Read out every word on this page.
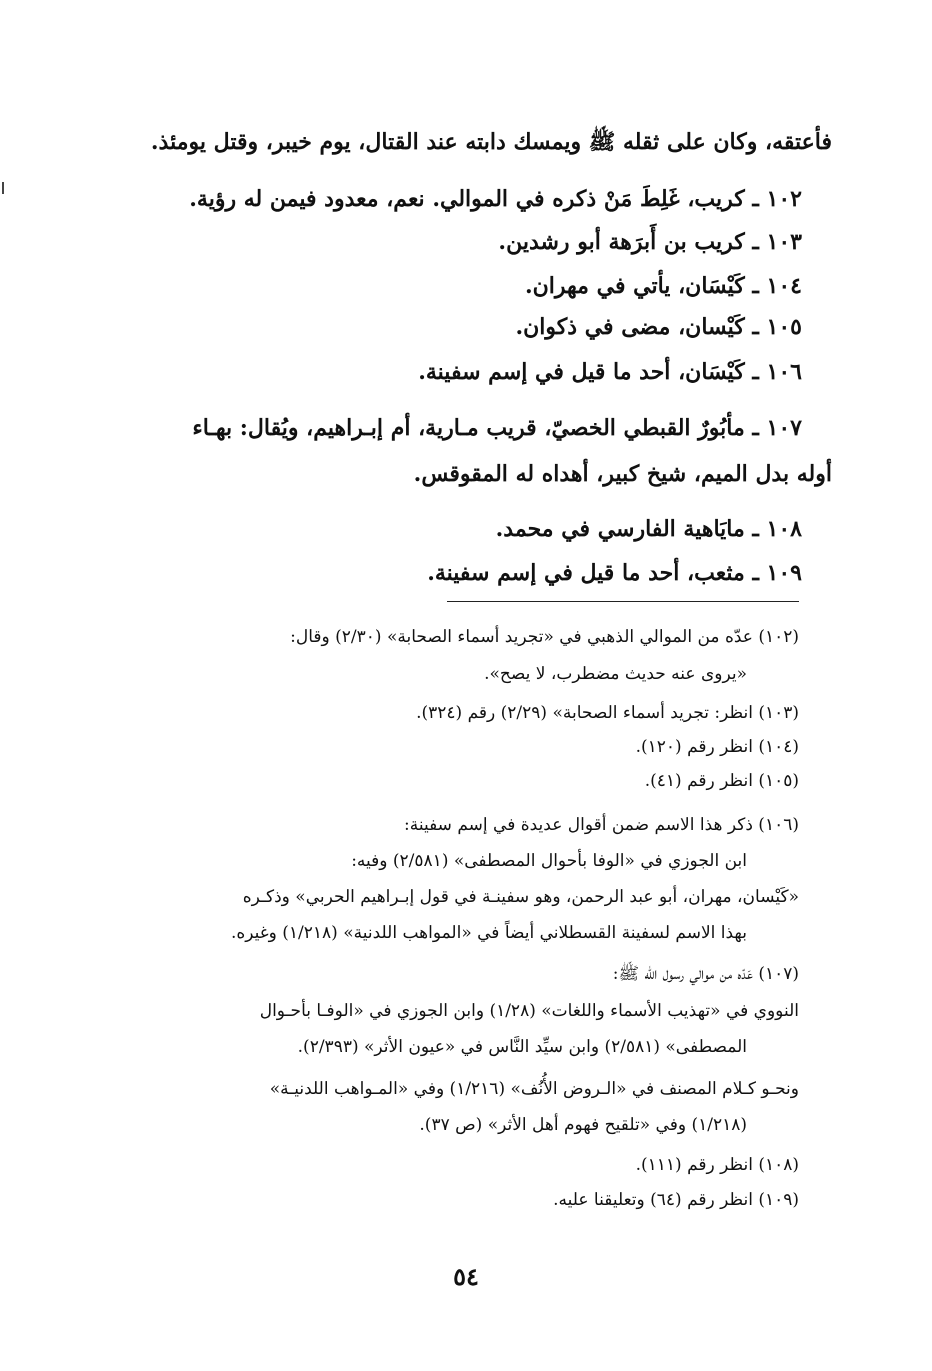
فأعتقه، وكان على ثقله ﷺ ويمسك دابته عند القتال، يوم خيبر، وقتل يومئذ.
١٠٢ ـ كريب، غَلِطَ مَنْ ذكره في الموالي. نعم، معدود فيمن له رؤية.
١٠٣ ـ كريب بن أَبرَهة أبو رشدين.
١٠٤ ـ كَيْسَان، يأتي في مهران.
١٠٥ ـ كَيْسان، مضى في ذكوان.
١٠٦ ـ كَيْسَان، أحد ما قيل في إسم سفينة.
١٠٧ ـ مأبُورٌ القبطي الخصيّ، قريب مـارية، أم إبـراهيم، ويُقال: بهـاء
أوله بدل الميم، شيخ كبير، أهداه له المقوقس.
١٠٨ ـ مايَاهية الفارسي في محمد.
١٠٩ ـ مثعب، أحد ما قيل في إسم سفينة.
(١٠٢) عدّه من الموالي الذهبي في «تجريد أسماء الصحابة» (٢/٣٠) وقال:
«يروى عنه حديث مضطرب، لا يصح».
(١٠٣) انظر: تجريد أسماء الصحابة» (٢/٢٩) رقم (٣٢٤).
(١٠٤) انظر رقم (١٢٠).
(١٠٥) انظر رقم (٤١).
(١٠٦) ذكر هذا الاسم ضمن أقوال عديدة في إسم سفينة:
ابن الجوزي في «الوفا بأحوال المصطفى» (٢/٥٨١) وفيه:
«كَيْسان، مهران، أبو عبد الرحمن، وهو سفينـة في قول إبـراهيم الحربي» وذكـره
بهذا الاسم لسفينة القسطلاني أيضاً في «المواهب اللدنية» (١/٢١٨) وغيره.
(١٠٧) عَدّه من موالي رسول الله ﷺ:
النووي في «تهذيب الأسماء واللغات» (١/٢٨) وابن الجوزي في «الوفـا بأحـوال
المصطفى» (٢/٥٨١) وابن سيِّد النَّاس في «عيون الأثر» (٢/٣٩٣).
ونحـو كـلام المصنف في «الـروض الأُنُف» (١/٢١٦) وفي «المـواهب اللدنيـة»
(١/٢١٨) وفي «تلقيح فهوم أهل الأثر» (ص ٣٧).
(١٠٨) انظر رقم (١١١).
(١٠٩) انظر رقم (٦٤) وتعليقنا عليه.
٥٤
